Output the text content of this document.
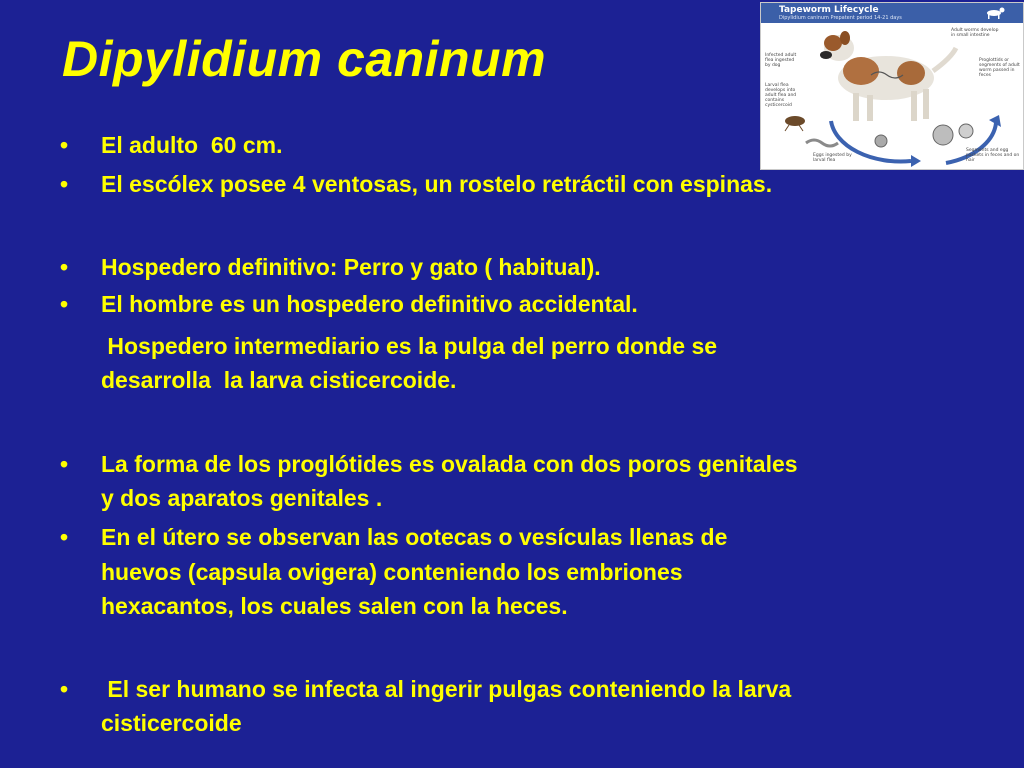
Dipylidium caninum
• El adulto  60 cm.
• El escólex posee 4 ventosas, un rostelo retráctil con espinas.
• Hospedero definitivo: Perro y gato ( habitual).
• El hombre es un hospedero definitivo accidental.
Hospedero intermediario es la pulga del perro donde se
desarrolla  la larva cisticercoide.
• La forma de los proglótides es ovalada con dos poros genitales
y dos aparatos genitales .
• En el útero se observan las ootecas o vesículas llenas de
huevos (capsula ovigera) conteniendo los embriones
hexacantos, los cuales salen con la heces.
• El ser humano se infecta al ingerir pulgas conteniendo la larva
cisticercoide
Tapeworm Lifecycle
Dipylidium caninum Prepatent period 14-21 days
Adult worms develop in small intestine
Infected adult flea ingested by dog
Proglottids or segments of adult worm passed in feces
Larval flea develops into adult flea and contains cysticercoid
Eggs ingested by larval flea
Segments and egg packets in feces and on hair
